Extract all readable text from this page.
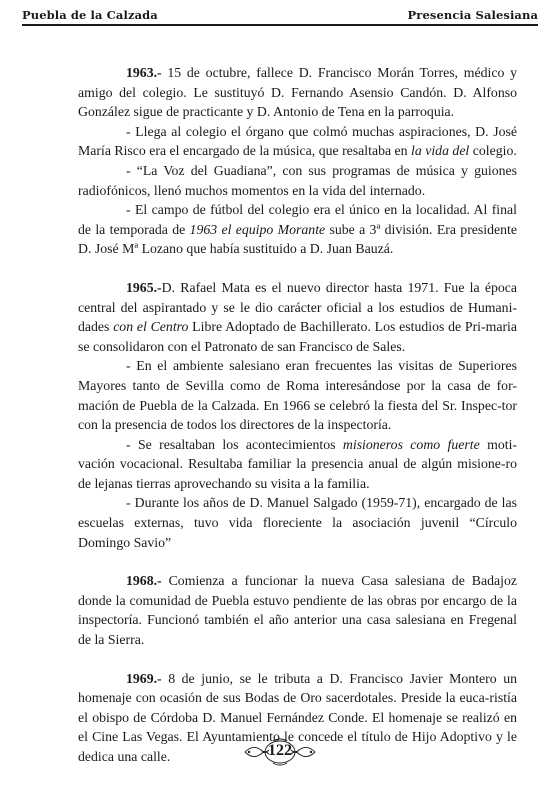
Puebla de la Calzada	Presencia Salesiana

1963.- 15 de octubre, fallece D. Francisco Morán Torres, médico y amigo del colegio. Le sustituyó D. Fernando Asensio Candón. D. Alfonso González sigue de practicante y D. Antonio de Tena en la parroquia.

- Llega al colegio el órgano que colmó muchas aspiraciones, D. José María Risco era el encargado de la música, que resaltaba en la vida del colegio.

- “La Voz del Guadiana”, con sus programas de música y guiones radiofónicos, llenó muchos momentos en la vida del internado.

- El campo de fútbol del colegio era el único en la localidad. Al final de la temporada de 1963 el equipo Morante sube a 3ª división. Era presidente D. José Mª Lozano que había sustituido a D. Juan Bauzá.

1965.-D. Rafael Mata es el nuevo director hasta 1971. Fue la época central del aspirantado y se le dio carácter oficial a los estudios de Humani-dades con el Centro Libre Adoptado de Bachillerato. Los estudios de Pri-maria se consolidaron con el Patronato de san Francisco de Sales.

- En el ambiente salesiano eran frecuentes las visitas de Superiores Mayores tanto de Sevilla como de Roma interesándose por la casa de for-mación de Puebla de la Calzada. En 1966 se celebró la fiesta del Sr. Inspec-tor con la presencia de todos los directores de la inspectoría.

- Se resaltaban los acontecimientos misioneros como fuerte moti-vación vocacional. Resultaba familiar la presencia anual de algún misione-ro de lejanas tierras aprovechando su visita a la familia.

- Durante los años de D. Manuel Salgado (1959-71), encargado de las escuelas externas, tuvo vida floreciente la asociación juvenil “Círculo Domingo Savio”

1968.- Comienza a funcionar la nueva Casa salesiana de Badajoz donde la comunidad de Puebla estuvo pendiente de las obras por encargo de la inspectoría. Funcionó también el año anterior una casa salesiana en Fregenal de la Sierra.

1969.- 8 de junio, se le tributa a D. Francisco Javier Montero un homenaje con ocasión de sus Bodas de Oro sacerdotales. Preside la euca-ristía el obispo de Córdoba D. Manuel Fernández Conde. El homenaje se realizó en el Cine Las Vegas. El Ayuntamiento le concede el título de Hijo Adoptivo y le dedica una calle.	122
